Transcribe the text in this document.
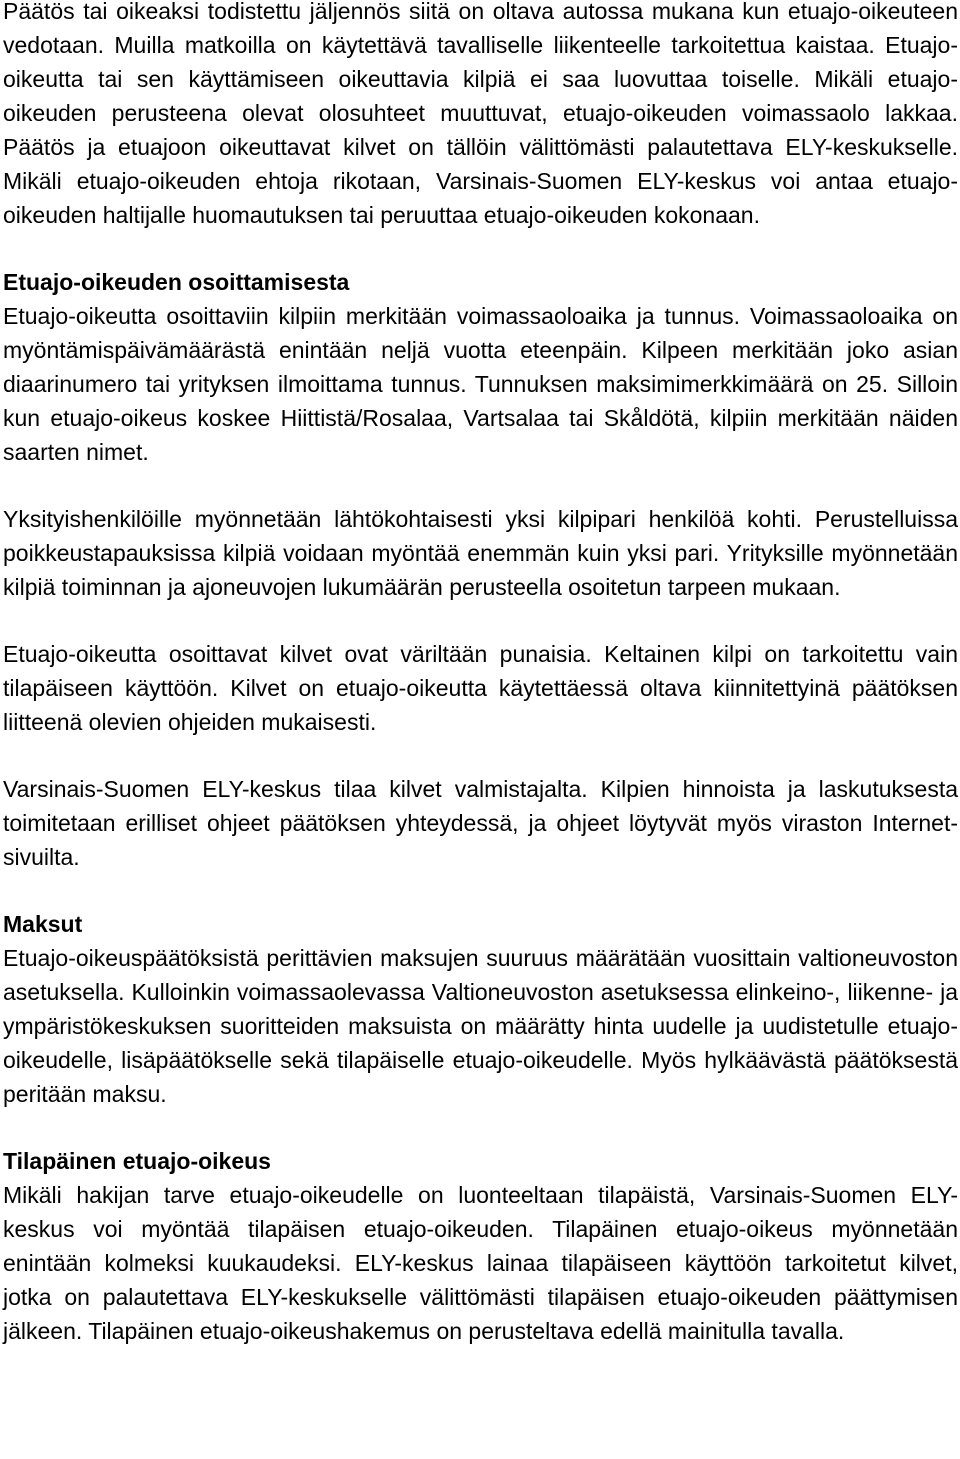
Päätös tai oikeaksi todistettu jäljennös siitä on oltava autossa mukana kun etuajo-oikeuteen vedotaan. Muilla matkoilla on käytettävä tavalliselle liikenteelle tarkoitettua kaistaa. Etuajo-oikeutta tai sen käyttämiseen oikeuttavia kilpiä ei saa luovuttaa toiselle. Mikäli etuajo-oikeuden perusteena olevat olosuhteet muuttuvat, etuajo-oikeuden voimassaolo lakkaa. Päätös ja etuajoon oikeuttavat kilvet on tällöin välittömästi palautettava ELY-keskukselle. Mikäli etuajo-oikeuden ehtoja rikotaan, Varsinais-Suomen ELY-keskus voi antaa etuajo-oikeuden haltijalle huomautuksen tai peruuttaa etuajo-oikeuden kokonaan.

Etuajo-oikeuden osoittamisesta

Etuajo-oikeutta osoittaviin kilpiin merkitään voimassaoloaika ja tunnus. Voimassaoloaika on myöntämispäivämäärästä enintään neljä vuotta eteenpäin. Kilpeen merkitään joko asian diaarinumero tai yrityksen ilmoittama tunnus. Tunnuksen maksimimerkkimäärä on 25. Silloin kun etuajo-oikeus koskee Hiittistä/Rosalaa, Vartsalaa tai Skåldötä, kilpiin merkitään näiden saarten nimet.

Yksityishenkilöille myönnetään lähtökohtaisesti yksi kilpipari henkilöä kohti. Perustelluissa poikkeustapauksissa kilpiä voidaan myöntää enemmän kuin yksi pari. Yrityksille myönnetään kilpiä toiminnan ja ajoneuvojen lukumäärän perusteella osoitetun tarpeen mukaan.

Etuajo-oikeutta osoittavat kilvet ovat väriltään punaisia. Keltainen kilpi on tarkoitettu vain tilapäiseen käyttöön. Kilvet on etuajo-oikeutta käytettäessä oltava kiinnitettyinä päätöksen liitteenä olevien ohjeiden mukaisesti.

Varsinais-Suomen ELY-keskus tilaa kilvet valmistajalta. Kilpien hinnoista ja laskutuksesta toimitetaan erilliset ohjeet päätöksen yhteydessä, ja ohjeet löytyvät myös viraston Internet-sivuilta.

Maksut

Etuajo-oikeuspäätöksistä perittävien maksujen suuruus määrätään vuosittain valtioneuvoston asetuksella. Kulloinkin voimassaolevassa Valtioneuvoston asetuksessa elinkeino-, liikenne- ja ympäristökeskuksen suoritteiden maksuista on määrätty hinta uudelle ja uudistetulle etuajo-oikeudelle, lisäpäätökselle sekä tilapäiselle etuajo-oikeudelle. Myös hylkäävästä päätöksestä peritään maksu.

Tilapäinen etuajo-oikeus

Mikäli hakijan tarve etuajo-oikeudelle on luonteeltaan tilapäistä, Varsinais-Suomen ELY-keskus voi myöntää tilapäisen etuajo-oikeuden. Tilapäinen etuajo-oikeus myönnetään enintään kolmeksi kuukaudeksi. ELY-keskus lainaa tilapäiseen käyttöön tarkoitetut kilvet, jotka on palautettava ELY-keskukselle välittömästi tilapäisen etuajo-oikeuden päättymisen jälkeen. Tilapäinen etuajo-oikeushakemus on perusteltava edellä mainitulla tavalla.
